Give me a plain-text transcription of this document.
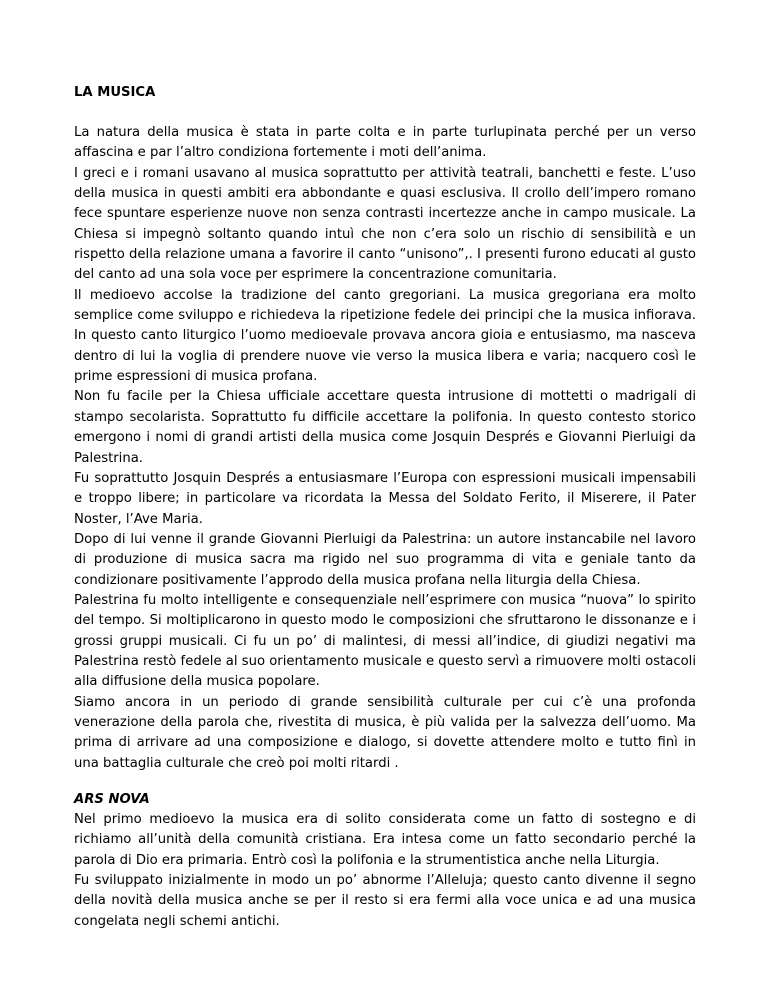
LA MUSICA

La natura della musica è stata in parte colta e in parte turlupinata perché per un verso affascina e par l’altro condiziona fortemente i moti dell’anima.

I greci e i romani usavano al musica soprattutto per attività teatrali, banchetti e feste. L’uso della musica in questi ambiti era abbondante e quasi esclusiva. Il crollo dell’impero romano fece spuntare esperienze nuove non senza contrasti incertezze anche in campo musicale. La Chiesa si impegnò soltanto quando intuì che non c’era solo un rischio di sensibilità e un rispetto della relazione umana a favorire il canto “unisono”,. I presenti furono educati al gusto del canto ad una sola voce per esprimere la concentrazione comunitaria.

Il medioevo accolse la tradizione del canto gregoriani. La musica gregoriana era molto semplice come sviluppo e richiedeva la ripetizione fedele dei principi che la musica infiorava. In questo canto liturgico l’uomo medioevale provava ancora gioia e entusiasmo, ma nasceva dentro di lui la voglia di prendere nuove vie verso la musica libera e varia; nacquero così le prime espressioni di musica profana.

Non fu facile per la Chiesa ufficiale accettare questa intrusione di mottetti o madrigali di stampo secolarista. Soprattutto fu difficile accettare la polifonia. In questo contesto storico emergono i nomi di grandi artisti della musica come Josquin Després e Giovanni Pierluigi da Palestrina.

Fu soprattutto Josquin Després a entusiasmare l’Europa con espressioni musicali impensabili e troppo libere; in particolare va ricordata la Messa del Soldato Ferito, il Miserere, il Pater Noster, l’Ave Maria.

Dopo di lui venne il grande Giovanni Pierluigi da Palestrina: un autore instancabile nel lavoro di produzione di musica sacra ma rigido nel suo programma di vita e geniale tanto da condizionare positivamente l’approdo della musica profana nella liturgia della Chiesa.

Palestrina fu molto intelligente e consequenziale nell’esprimere con musica “nuova” lo spirito del tempo. Si moltiplicarono in questo modo le composizioni che sfruttarono le dissonanze e i grossi gruppi musicali. Ci fu un po’ di malintesi, di messi all’indice, di giudizi negativi ma Palestrina restò fedele al suo orientamento musicale e questo servì a rimuovere molti ostacoli alla diffusione della musica popolare.

Siamo ancora in un periodo di grande sensibilità culturale per cui c’è una profonda venerazione della parola che, rivestita di musica, è più valida per la salvezza dell’uomo. Ma prima di arrivare ad una composizione e dialogo, si dovette attendere molto e tutto finì in una battaglia culturale che creò poi molti ritardi .

ARS NOVA

Nel primo medioevo la musica era di solito considerata come un fatto di sostegno e di richiamo all’unità della comunità cristiana. Era intesa come un fatto secondario perché la parola di Dio era primaria. Entrò così la polifonia e la strumentistica anche nella Liturgia.

Fu sviluppato inizialmente in modo un po’ abnorme l’Alleluja; questo canto divenne il segno della novità della musica anche se per il resto si era fermi alla voce unica e ad una musica congelata negli schemi antichi.
